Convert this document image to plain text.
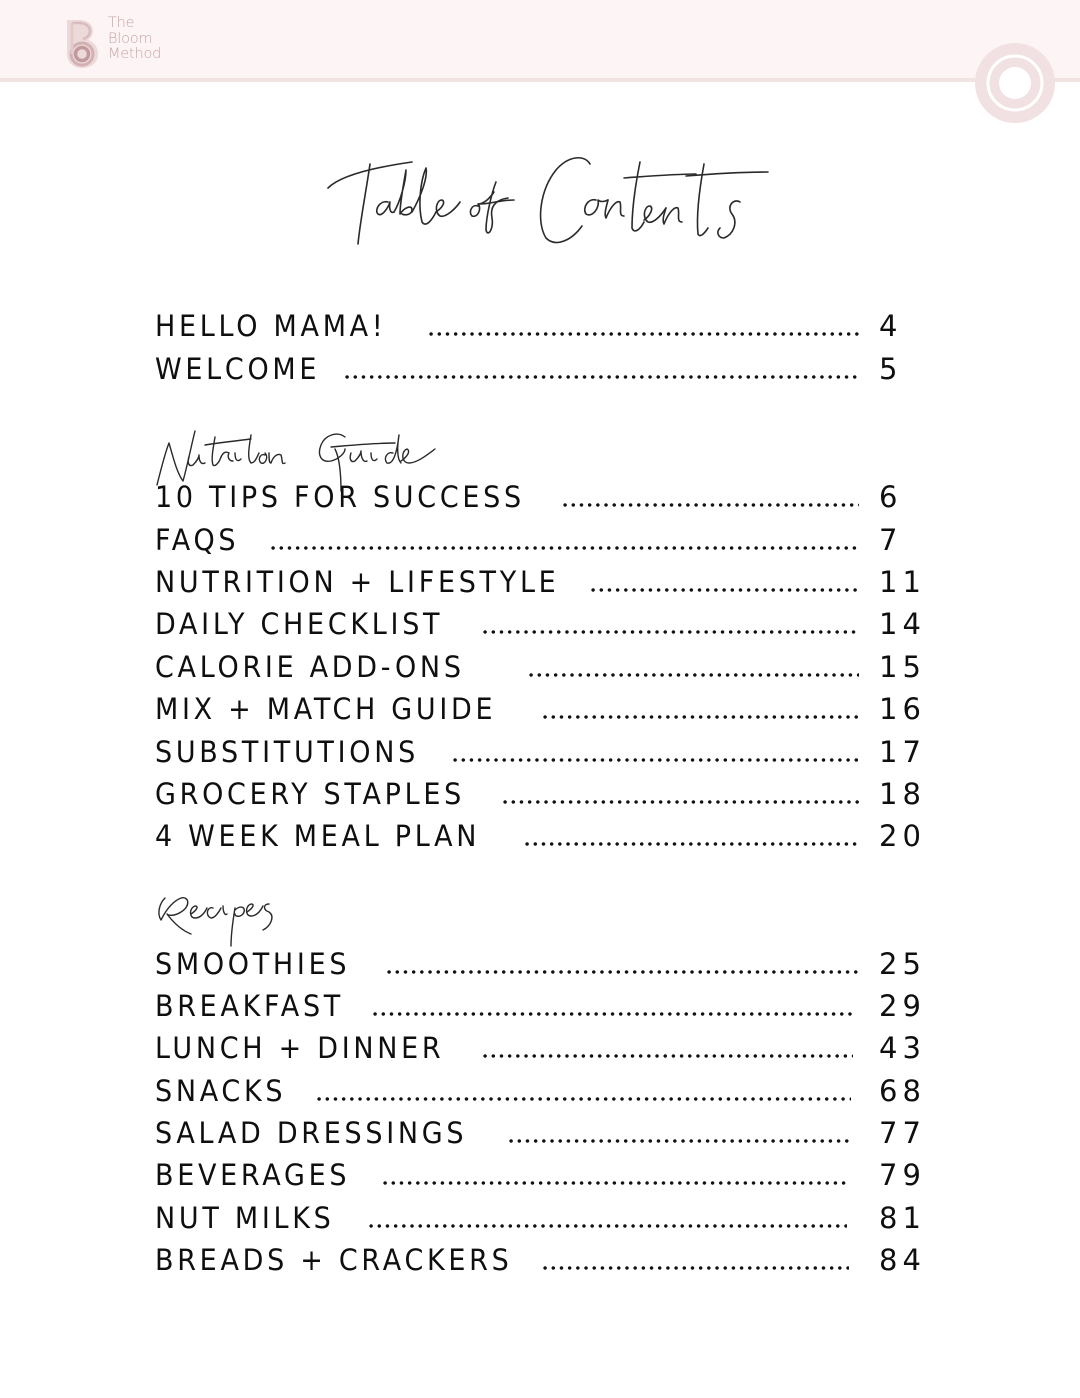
The
Bloom
Method
HELLO MAMA!	4
WELCOME	5
10 TIPS FOR SUCCESS	6
FAQS	7
NUTRITION + LIFESTYLE	11
DAILY CHECKLIST	14
CALORIE ADD-ONS	15
MIX + MATCH GUIDE	16
SUBSTITUTIONS	17
GROCERY STAPLES	18
4 WEEK MEAL PLAN	20
SMOOTHIES	25
BREAKFAST	29
LUNCH + DINNER	43
SNACKS	68
SALAD DRESSINGS	77
BEVERAGES	79
NUT MILKS	81
BREADS + CRACKERS	84
